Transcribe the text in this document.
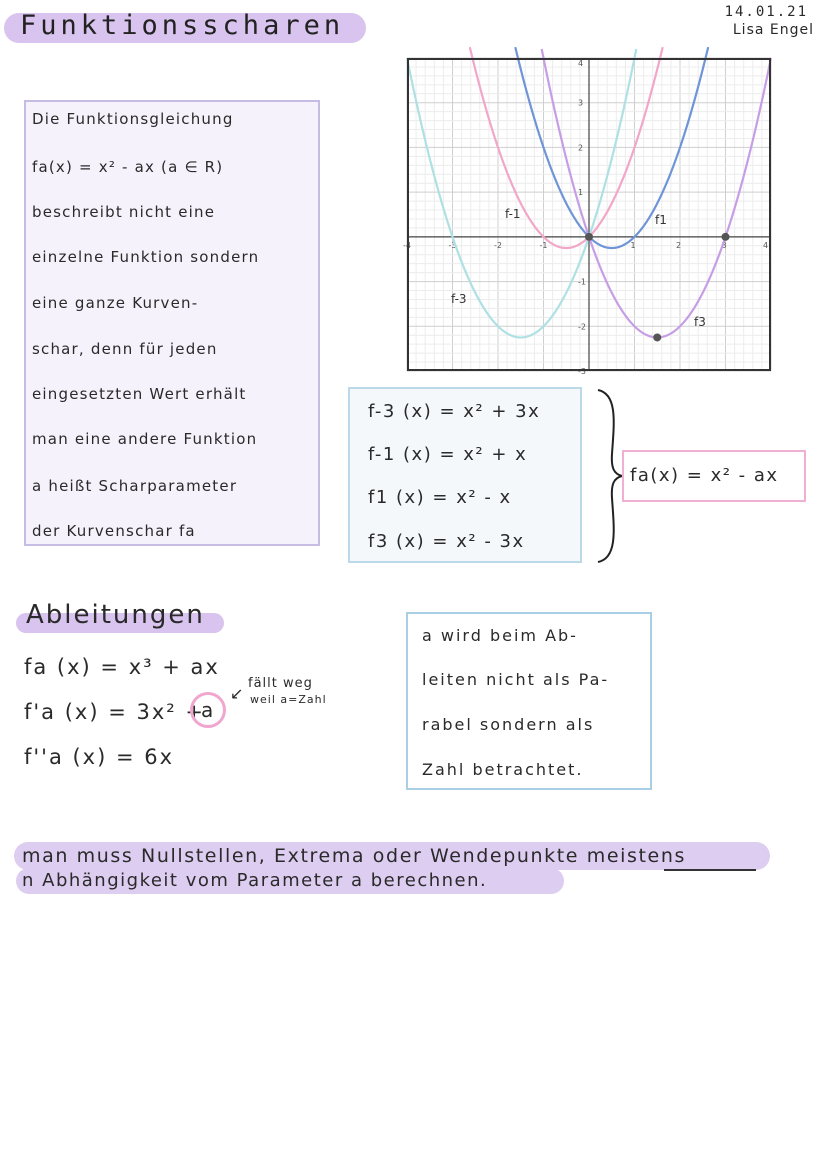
Funktionsscharen	14.01.21
Lisa Engel
Die Funktionsgleichung
fa(x) = x² - ax (a ∈ R)
beschreibt nicht eine
einzelne Funktion sondern
eine ganze Kurven-
schar, denn für jeden
eingesetzten Wert erhält
man eine andere Funktion
a heißt Scharparameter
der Kurvenschar fa
-4	-3	-2	-1	1	2	3	4
4
3
2
1
-1
-2
-3
f-1	f1
f-3
f3
f-3 (x) = x² + 3x
f-1 (x) = x² + x
f1 (x) = x² - x
f3 (x) = x² - 3x
fa(x) = x² - ax
Ableitungen
fa (x) = x³ + ax
f'a (x) = 3x² +
f''a (x) = 6x
a
↙
fällt weg
weil a=Zahl
a wird beim Ab-
leiten nicht als Pa-
rabel sondern als
Zahl betrachtet.
man muss Nullstellen, Extrema oder Wendepunkte meistens
n Abhängigkeit vom Parameter a berechnen.
